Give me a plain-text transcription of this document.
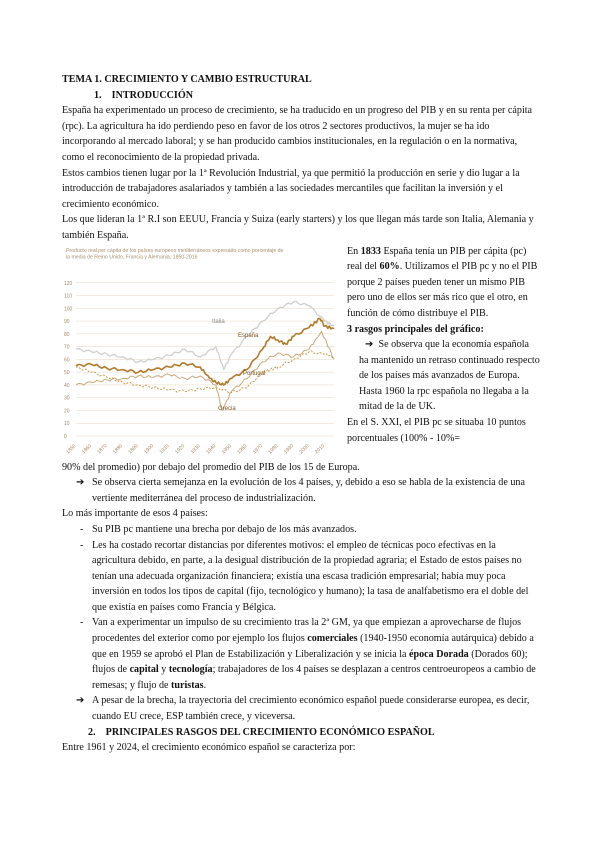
TEMA 1. CRECIMIENTO Y CAMBIO ESTRUCTURAL

1. INTRODUCCIÓN

España ha experimentado un proceso de crecimiento, se ha traducido en un progreso del PIB y en su renta per cápita (rpc). La agricultura ha ido perdiendo peso en favor de los otros 2 sectores productivos, la mujer se ha ido incorporando al mercado laboral; y se han producido cambios institucionales, en la regulación o en la normativa, como el reconocimiento de la propiedad privada.

Estos cambios tienen lugar por la 1ª Revolución Industrial, ya que permitió la producción en serie y dio lugar a la introducción de trabajadores asalariados y también a las sociedades mercantiles que facilitan la inversión y el crecimiento económico.

Los que lideran la 1ª R.I son EEUU, Francia y Suiza (early starters) y los que llegan más tarde son Italia, Alemania y también España.

Producto real per cápita de los países europeos mediterráneos expresado como porcentaje de la media de Reino Unido, Francia y Alemania, 1850-2016
120
110
100
90
80
70
60
50
40
30
20
10
0
1850 1860 1870 1880 1890 1900 1910 1920 1930 1940 1950 1960 1970 1980 1990 2000 2010
Italia
España
Portugal
Grecia

En 1833 España tenía un PIB per cápita (pc) real del 60%. Utilizamos el PIB pc y no el PIB porque 2 países pueden tener un mismo PIB pero uno de ellos ser más rico que el otro, en función de cómo distribuye el PIB.

3 rasgos principales del gráfico:

➔ Se observa que la economía española ha mantenido un retraso continuado respecto de los países más avanzados de Europa. Hasta 1960 la rpc española no llegaba a la mitad de la de UK.

En el S. XXI, el PIB pc se situaba 10 puntos porcentuales (100% - 10%=

90% del promedio) por debajo del promedio del PIB de los 15 de Europa.

➔ Se observa cierta semejanza en la evolución de los 4 países, y, debido a eso se habla de la existencia de una vertiente mediterránea del proceso de industrialización.

Lo más importante de esos 4 países:

- Su PIB pc mantiene una brecha por debajo de los más avanzados.
- Les ha costado recortar distancias por diferentes motivos: el empleo de técnicas poco efectivas en la agricultura debido, en parte, a la desigual distribución de la propiedad agraria; el Estado de estos países no tenían una adecuada organización financiera; existía una escasa tradición empresarial; había muy poca inversión en todos los tipos de capital (fijo, tecnológico y humano); la tasa de analfabetismo era el doble del que existía en países como Francia y Bélgica.
- Van a experimentar un impulso de su crecimiento tras la 2ª GM, ya que empiezan a aprovecharse de flujos procedentes del exterior como por ejemplo los flujos comerciales (1940-1950 economía autárquica) debido a que en 1959 se aprobó el Plan de Estabilización y Liberalización y se inicia la época Dorada (Dorados 60); flujos de capital y tecnología; trabajadores de los 4 países se desplazan a centros centroeuropeos a cambio de remesas; y flujo de turistas.
➔ A pesar de la brecha, la trayectoria del crecimiento económico español puede considerarse europea, es decir, cuando EU crece, ESP también crece, y viceversa.

2. PRINCIPALES RASGOS DEL CRECIMIENTO ECONÓMICO ESPAÑOL

Entre 1961 y 2024, el crecimiento económico español se caracteriza por:
